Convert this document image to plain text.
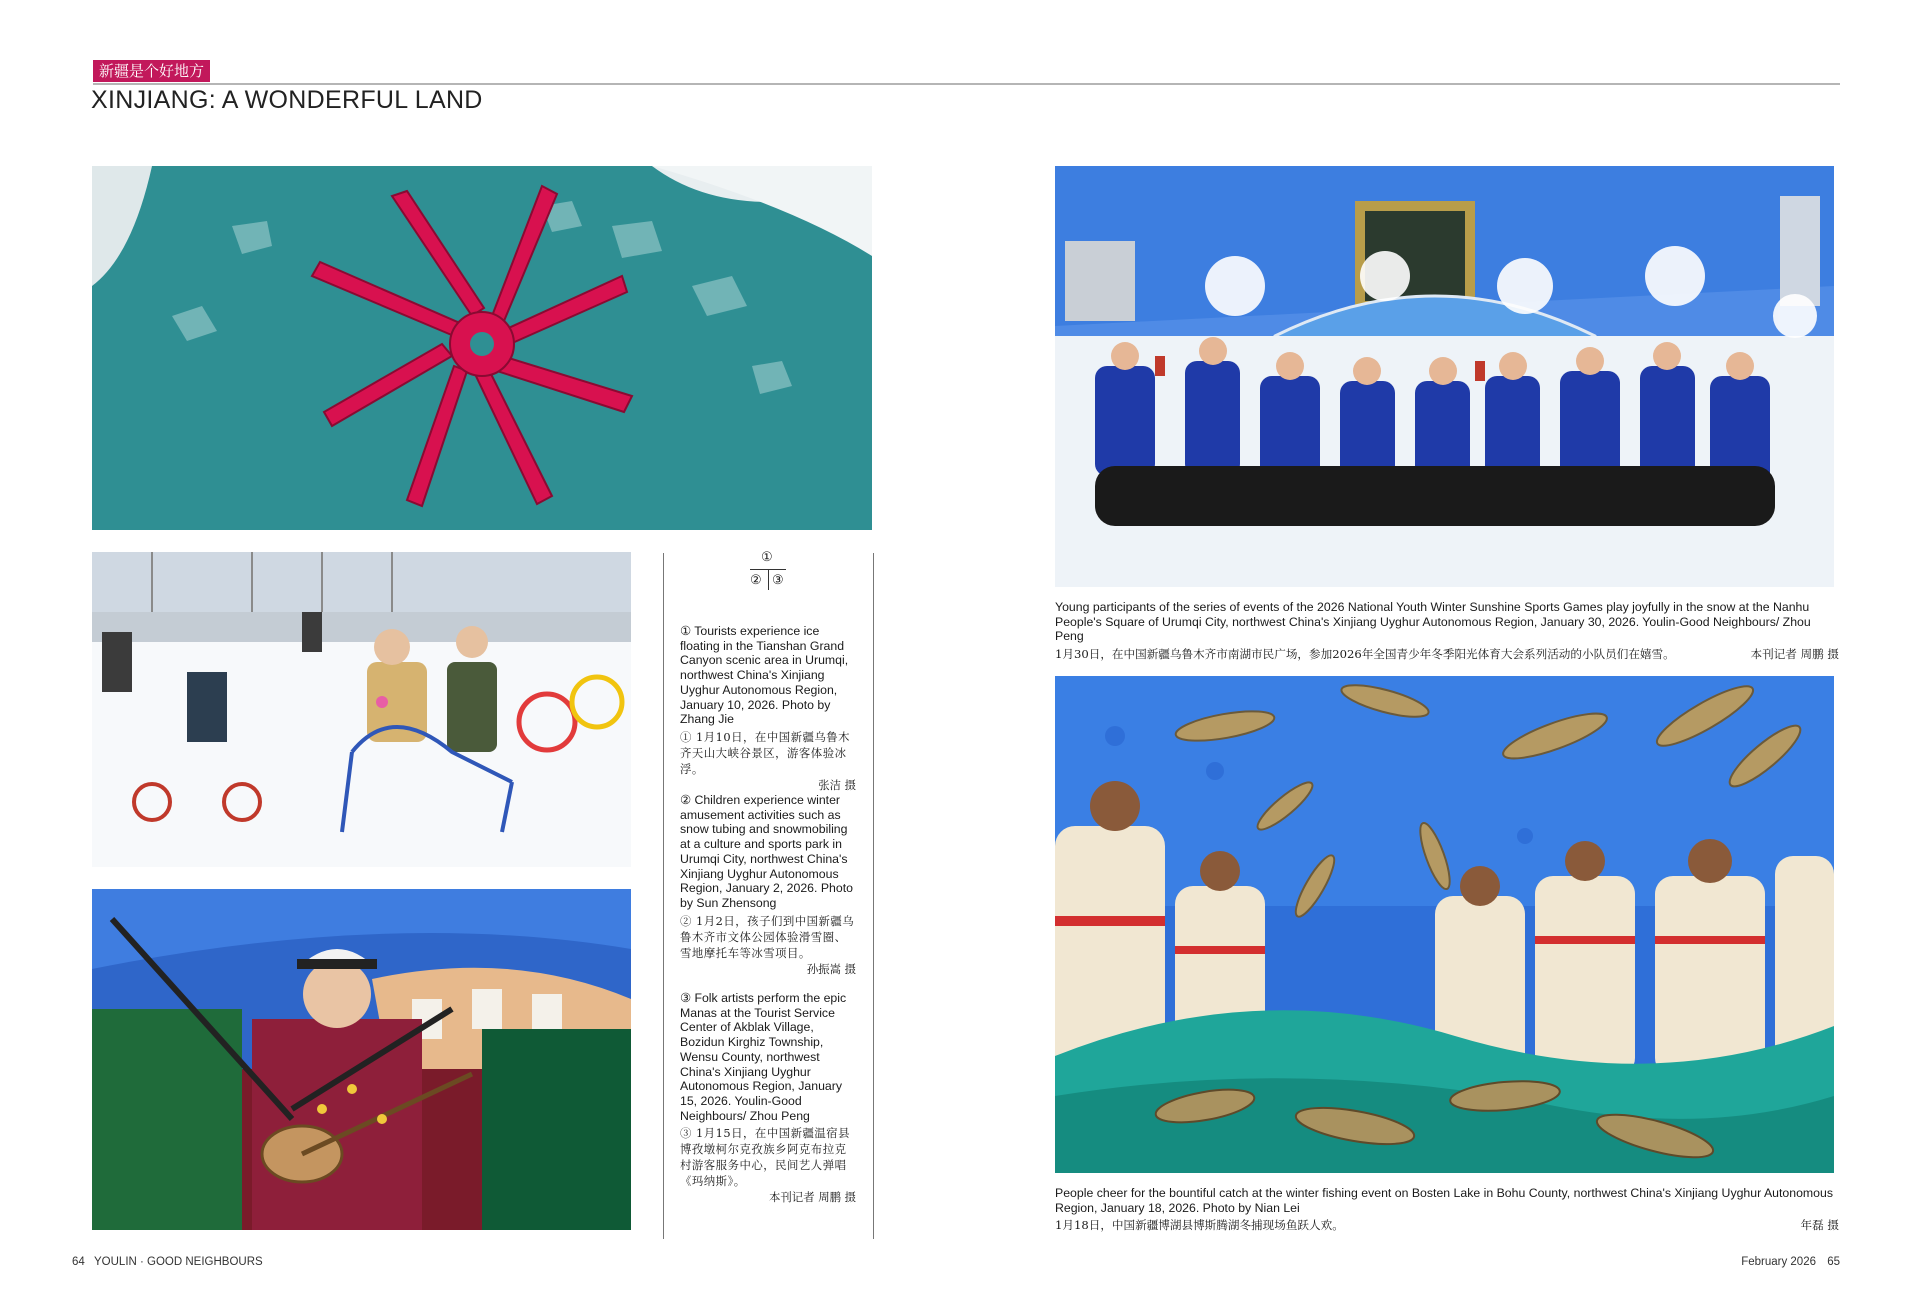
新疆是个好地方
XINJIANG: A WONDERFUL LAND

Young participants of the series of events of the 2026 National Youth Winter Sunshine Sports Games play joyfully in the snow at the Nanhu People's Square of Urumqi City, northwest China's Xinjiang Uyghur Autonomous Region, January 30, 2026. Youlin-Good Neighbours/ Zhou Peng

1月30日，在中国新疆乌鲁木齐市南湖市民广场，参加2026年全国青少年冬季阳光体育大会系列活动的小队员们在嬉雪。	本刊记者 周鹏 摄

People cheer for the bountiful catch at the winter fishing event on Bosten Lake in Bohu County, northwest China's Xinjiang Uyghur Autonomous Region, January 18, 2026. Photo by Nian Lei

1月18日，中国新疆博湖县博斯腾湖冬捕现场鱼跃人欢。	年磊 摄
①
② ③

① Tourists experience ice floating in the Tianshan Grand Canyon scenic area in Urumqi, northwest China's Xinjiang Uyghur Autonomous Region, January 10, 2026. Photo by Zhang Jie

① 1月10日，在中国新疆乌鲁木齐天山大峡谷景区，游客体验冰浮。

张洁 摄

② Children experience winter amusement activities such as snow tubing and snowmobiling at a culture and sports park in Urumqi City, northwest China's Xinjiang Uyghur Autonomous Region, January 2, 2026. Photo by Sun Zhensong

② 1月2日，孩子们到中国新疆乌鲁木齐市文体公园体验滑雪圈、雪地摩托车等冰雪项目。

孙振嵩 摄

③ Folk artists perform the epic Manas at the Tourist Service Center of Akblak Village, Bozidun Kirghiz Township, Wensu County, northwest China's Xinjiang Uyghur Autonomous Region, January 15, 2026. Youlin-Good Neighbours/ Zhou Peng

③ 1月15日，在中国新疆温宿县博孜墩柯尔克孜族乡阿克布拉克村游客服务中心，民间艺人弹唱《玛纳斯》。

本刊记者 周鹏 摄
64 YOULIN · GOOD NEIGHBOURS	February 2026 65
